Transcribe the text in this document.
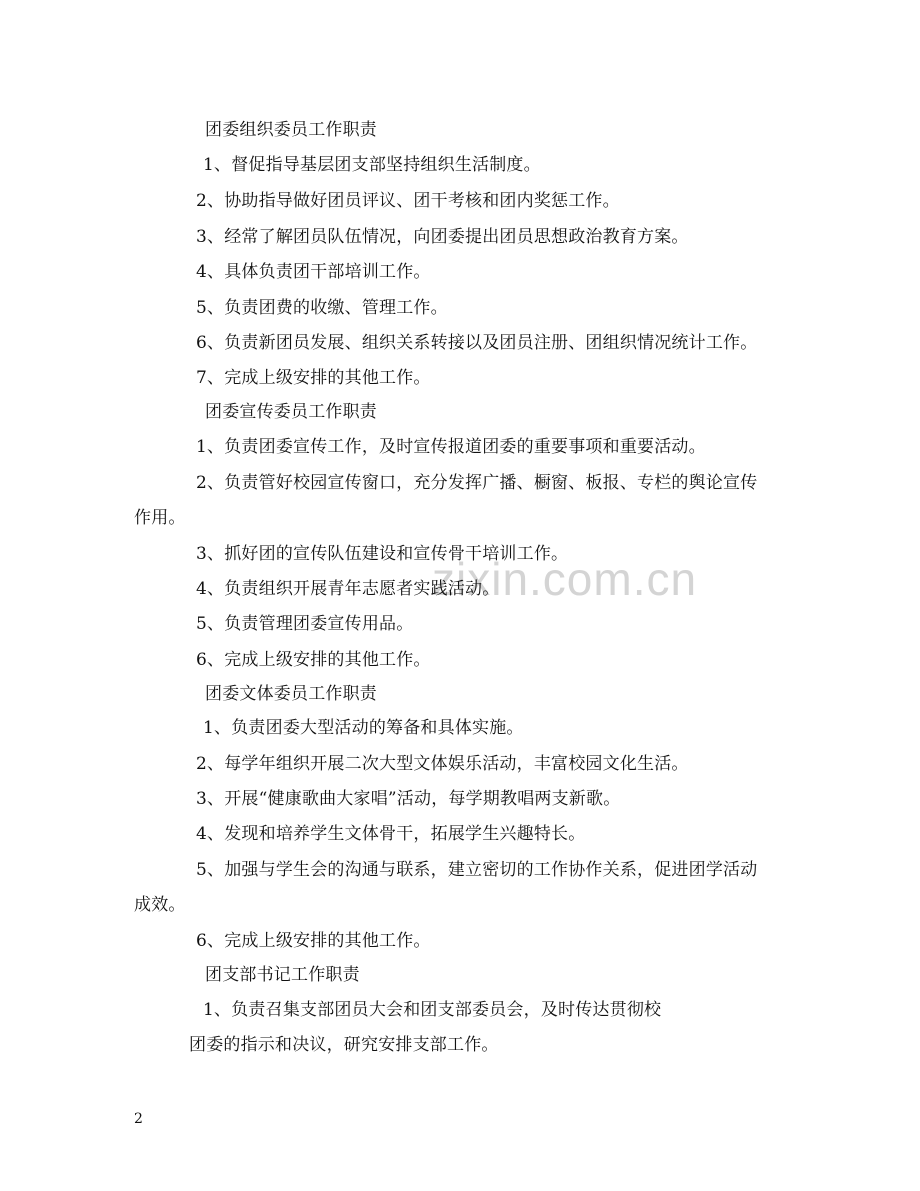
zixin.com.cn
团委组织委员工作职责
1、督促指导基层团支部坚持组织生活制度。
2、协助指导做好团员评议、团干考核和团内奖惩工作。
3、经常了解团员队伍情况，向团委提出团员思想政治教育方案。
4、具体负责团干部培训工作。
5、负责团费的收缴、管理工作。
6、负责新团员发展、组织关系转接以及团员注册、团组织情况统计工作。
7、完成上级安排的其他工作。
团委宣传委员工作职责
1、负责团委宣传工作，及时宣传报道团委的重要事项和重要活动。
2、负责管好校园宣传窗口，充分发挥广播、橱窗、板报、专栏的舆论宣传
作用。
3、抓好团的宣传队伍建设和宣传骨干培训工作。
4、负责组织开展青年志愿者实践活动。
5、负责管理团委宣传用品。
6、完成上级安排的其他工作。
团委文体委员工作职责
1、负责团委大型活动的筹备和具体实施。
2、每学年组织开展二次大型文体娱乐活动，丰富校园文化生活。
3、开展“健康歌曲大家唱”活动，每学期教唱两支新歌。
4、发现和培养学生文体骨干，拓展学生兴趣特长。
5、加强与学生会的沟通与联系，建立密切的工作协作关系，促进团学活动
成效。
6、完成上级安排的其他工作。
团支部书记工作职责
1、负责召集支部团员大会和团支部委员会，及时传达贯彻校
团委的指示和决议，研究安排支部工作。
2
